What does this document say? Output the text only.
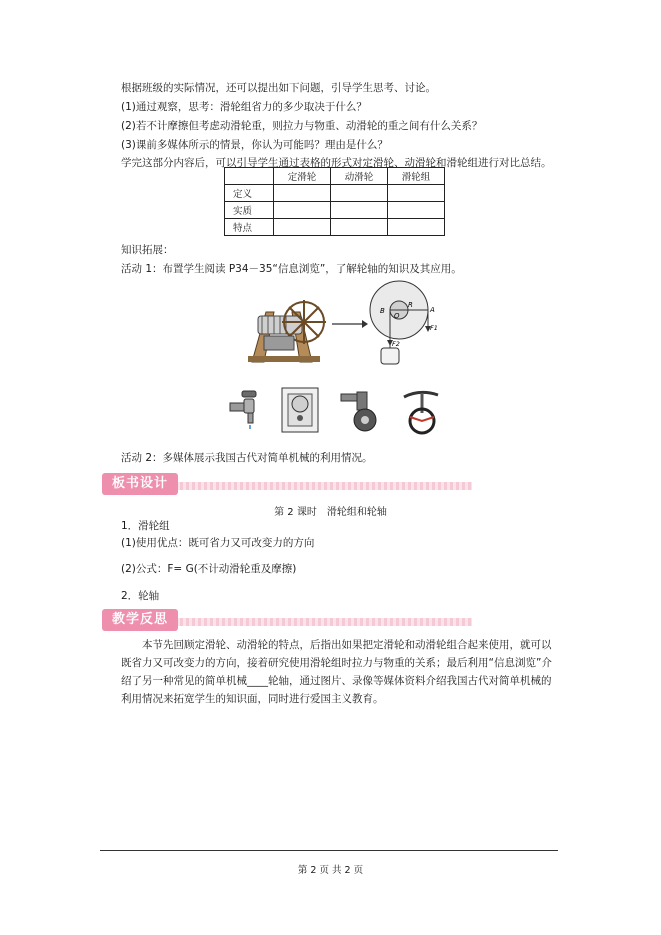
根据班级的实际情况，还可以提出如下问题，引导学生思考、讨论。
(1)通过观察，思考：滑轮组省力的多少取决于什么？
(2)若不计摩擦但考虑动滑轮重，则拉力与物重、动滑轮的重之间有什么关系？
(3)课前多媒体所示的情景，你认为可能吗？理由是什么？
学完这部分内容后，可以引导学生通过表格的形式对定滑轮、动滑轮和滑轮组进行对比总结。
	定滑轮	动滑轮	滑轮组
定义			
实质			
特点			
知识拓展：
活动 1：布置学生阅读 P34－35“信息浏览”，了解轮轴的知识及其应用。
B
O
R
A
F1
F2
活动 2：多媒体展示我国古代对简单机械的利用情况。
板书设计
第 2 课时　滑轮组和轮轴
1．滑轮组
(1)使用优点：既可省力又可改变力的方向
(2)公式：F= G(不计动滑轮重及摩擦)
2．轮轴
教学反思
本节先回顾定滑轮、动滑轮的特点，后指出如果把定滑轮和动滑轮组合起来使用，就可以既省力又可改变力的方向，接着研究使用滑轮组时拉力与物重的关系；最后利用“信息浏览”介绍了另一种常见的简单机械____轮轴，通过图片、录像等媒体资料介绍我国古代对简单机械的利用情况来拓宽学生的知识面，同时进行爱国主义教育。
第 2 页 共 2 页
